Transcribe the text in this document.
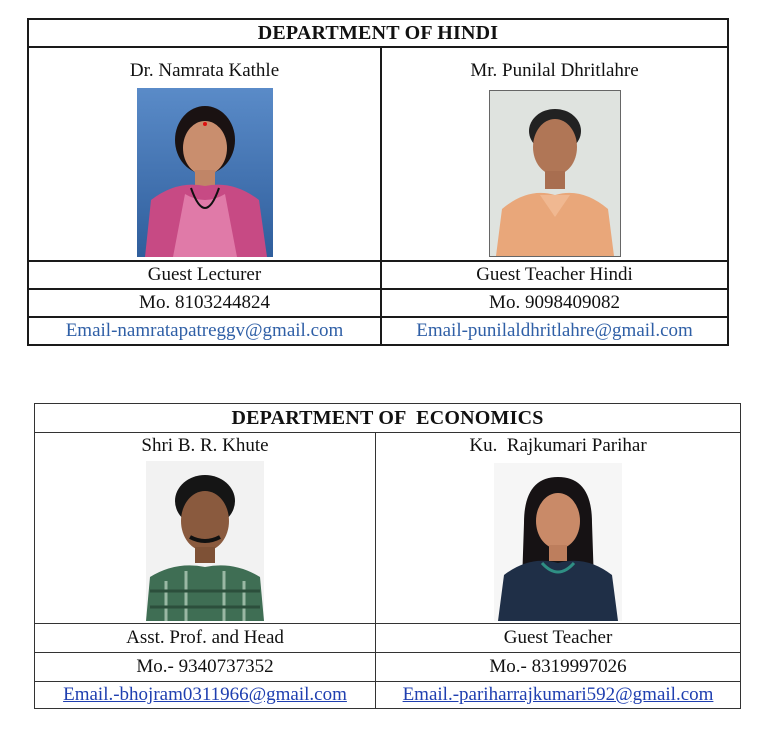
DEPARTMENT OF HINDI	

Dr. Namrata Kathle	Mr. Punilal Dhritlahre

Guest Lecturer	Guest Teacher Hindi
Mo. 8103244824	Mo. 9098409082
Email-namratapatreggv@gmail.com	Email-punilaldhritlahre@gmail.com
DEPARTMENT OF  ECONOMICS	

Shri B. R. Khute	Ku.  Rajkumari Parihar

Asst. Prof. and Head	Guest Teacher
Mo.- 9340737352	Mo.- 8319997026
Email.-bhojram0311966@gmail.com	Email.-pariharrajkumari592@gmail.com
